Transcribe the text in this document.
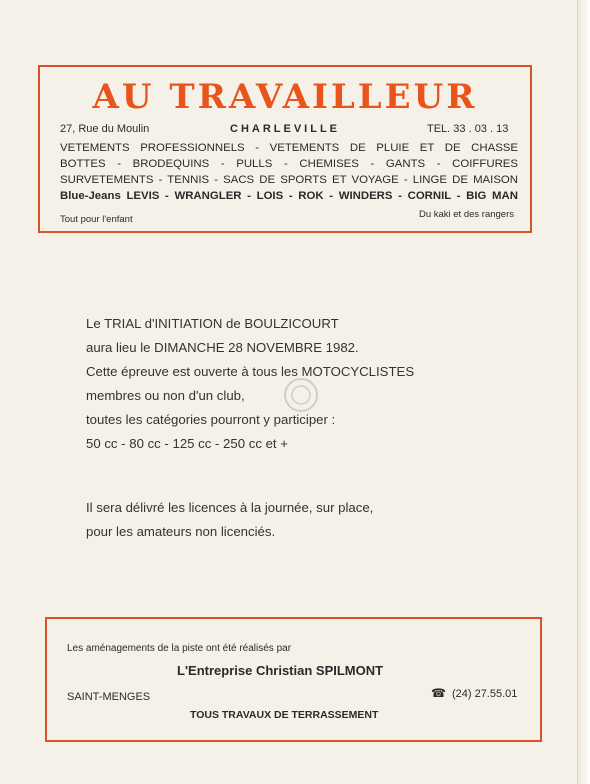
AU TRAVAILLEUR
27, Rue du Moulin	CHARLEVILLE	TEL. 33 . 03 . 13
VETEMENTS PROFESSIONNELS - VETEMENTS DE PLUIE ET DE CHASSE
BOTTES - BRODEQUINS - PULLS - CHEMISES - GANTS - COIFFURES
SURVETEMENTS - TENNIS - SACS DE SPORTS ET VOYAGE - LINGE DE MAISON
Blue-Jeans LEVIS - WRANGLER - LOIS - ROK - WINDERS - CORNIL - BIG MAN
Tout pour l'enfant	Du kaki et des rangers
Le TRIAL d'INITIATION de BOULZICOURT
aura lieu le DIMANCHE 28 NOVEMBRE 1982.
Cette épreuve est ouverte à tous les MOTOCYCLISTES
membres ou non d'un club,
toutes les catégories pourront y participer :
50 cc - 80 cc - 125 cc - 250 cc et +
Il sera délivré les licences à la journée, sur place,
pour les amateurs non licenciés.
Les aménagements de la piste ont été réalisés par
L'Entreprise Christian SPILMONT
SAINT-MENGES	☎ (24) 27.55.01
TOUS TRAVAUX DE TERRASSEMENT
